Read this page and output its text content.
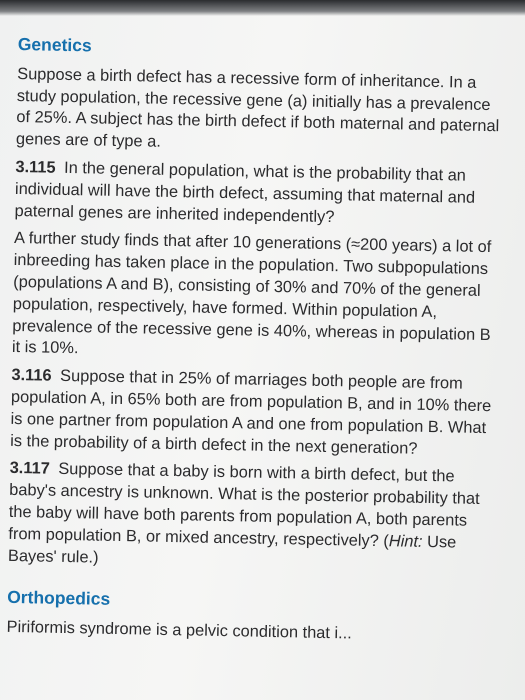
Genetics

Suppose a birth defect has a recessive form of inheritance. In a study population, the recessive gene (a) initially has a prevalence of 25%. A subject has the birth defect if both maternal and paternal genes are of type a.

3.115 In the general population, what is the probability that an individual will have the birth defect, assuming that maternal and paternal genes are inherited independently?

A further study finds that after 10 generations (≈200 years) a lot of inbreeding has taken place in the population. Two subpopulations (populations A and B), consisting of 30% and 70% of the general population, respectively, have formed. Within population A, prevalence of the recessive gene is 40%, whereas in population B it is 10%.

3.116 Suppose that in 25% of marriages both people are from population A, in 65% both are from population B, and in 10% there is one partner from population A and one from population B. What is the probability of a birth defect in the next generation?

3.117 Suppose that a baby is born with a birth defect, but the baby's ancestry is unknown. What is the posterior probability that the baby will have both parents from population A, both parents from population B, or mixed ancestry, respectively? (Hint: Use Bayes' rule.)

Orthopedics
Piriformis syndrome is a pelvic condition that i...
